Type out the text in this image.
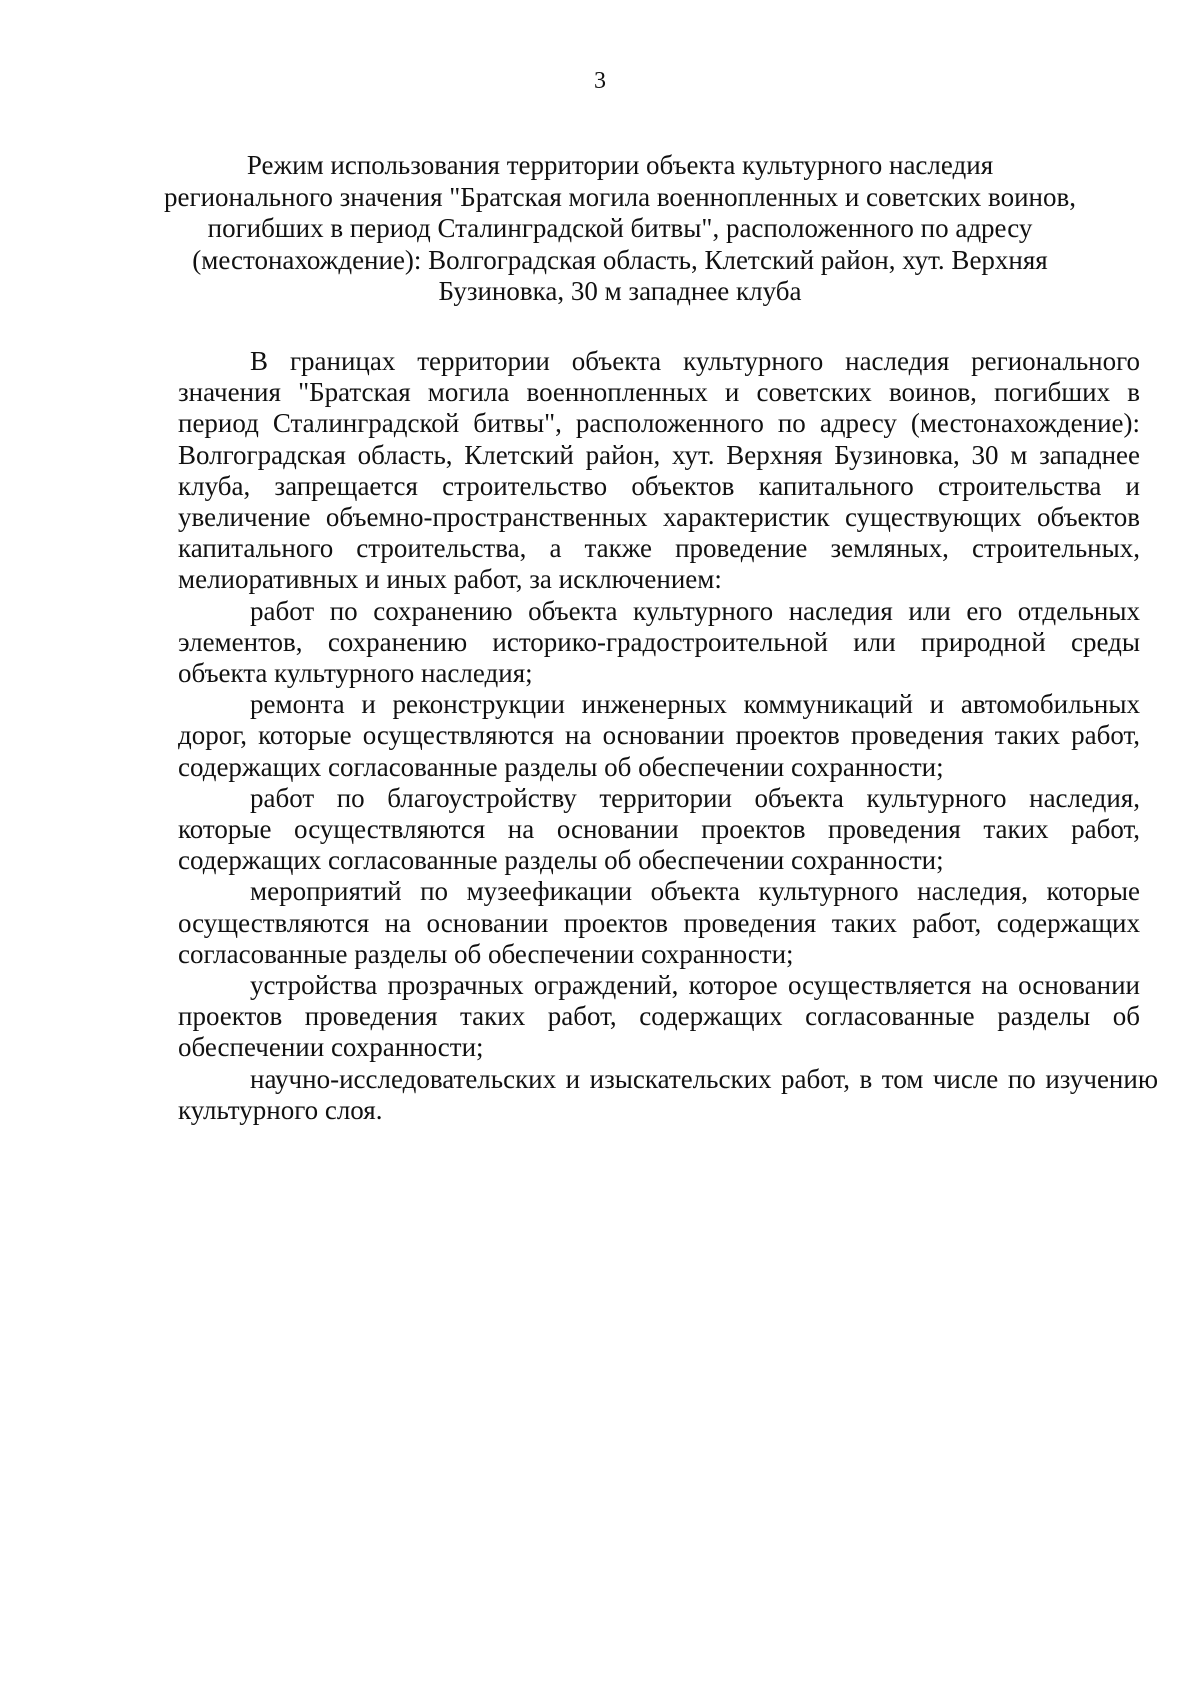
3
Режим использования территории объекта культурного наследия
регионального значения "Братская могила военнопленных и советских воинов,
погибших в период Сталинградской битвы", расположенного по адресу
(местонахождение): Волгоградская область, Клетский район, хут. Верхняя
Бузиновка, 30 м западнее клуба

В границах территории объекта культурного наследия регионального значения "Братская могила военнопленных и советских воинов, погибших в период Сталинградской битвы", расположенного по адресу (местонахождение): Волгоградская область, Клетский район, хут. Верхняя Бузиновка, 30 м западнее клуба, запрещается строительство объектов капитального строительства и увеличение объемно-пространственных характеристик существующих объектов капитального строительства, а также проведение земляных, строительных, мелиоративных и иных работ, за исключением:

работ по сохранению объекта культурного наследия или его отдельных элементов, сохранению историко-градостроительной или природной среды объекта культурного наследия;

ремонта и реконструкции инженерных коммуникаций и автомобильных дорог, которые осуществляются на основании проектов проведения таких работ, содержащих согласованные разделы об обеспечении сохранности;

работ по благоустройству территории объекта культурного наследия, которые осуществляются на основании проектов проведения таких работ, содержащих согласованные разделы об обеспечении сохранности;

мероприятий по музеефикации объекта культурного наследия, которые осуществляются на основании проектов проведения таких работ, содержащих согласованные разделы об обеспечении сохранности;

устройства прозрачных ограждений, которое осуществляется на основании проектов проведения таких работ, содержащих согласованные разделы об обеспечении сохранности;

научно-исследовательских и изыскательских работ, в том числе по изучению культурного слоя.
